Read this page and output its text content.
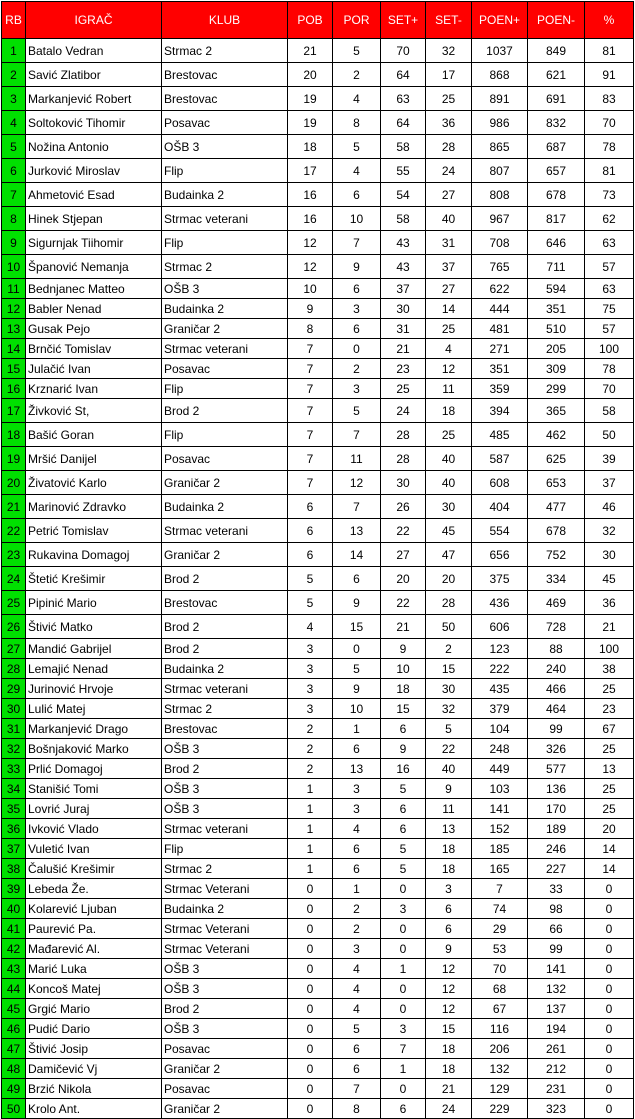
RB	IGRAČ	KLUB	POB	POR	SET+	SET-	POEN+	POEN-	%
1	Batalo Vedran	Strmac 2	21	5	70	32	1037	849	81
2	Savić Zlatibor	Brestovac	20	2	64	17	868	621	91
3	Markanjević Robert	Brestovac	19	4	63	25	891	691	83
4	Soltoković Tihomir	Posavac	19	8	64	36	986	832	70
5	Nožina Antonio	OŠB 3	18	5	58	28	865	687	78
6	Jurković Miroslav	Flip	17	4	55	24	807	657	81
7	Ahmetović Esad	Budainka 2	16	6	54	27	808	678	73
8	Hinek Stjepan	Strmac veterani	16	10	58	40	967	817	62
9	Sigurnjak Tiihomir	Flip	12	7	43	31	708	646	63
10	Španović Nemanja	Strmac 2	12	9	43	37	765	711	57
11	Bednjanec Matteo	OŠB 3	10	6	37	27	622	594	63
12	Babler Nenad	Budainka 2	9	3	30	14	444	351	75
13	Gusak Pejo	Graničar 2	8	6	31	25	481	510	57
14	Brnčić Tomislav	Strmac veterani	7	0	21	4	271	205	100
15	Julačić Ivan	Posavac	7	2	23	12	351	309	78
16	Krznarić Ivan	Flip	7	3	25	11	359	299	70
17	Živković St,	Brod 2	7	5	24	18	394	365	58
18	Bašić Goran	Flip	7	7	28	25	485	462	50
19	Mršić Danijel	Posavac	7	11	28	40	587	625	39
20	Živatović Karlo	Graničar 2	7	12	30	40	608	653	37
21	Marinović Zdravko	Budainka 2	6	7	26	30	404	477	46
22	Petrić Tomislav	Strmac veterani	6	13	22	45	554	678	32
23	Rukavina Domagoj	Graničar 2	6	14	27	47	656	752	30
24	Štetić Krešimir	Brod 2	5	6	20	20	375	334	45
25	Pipinić Mario	Brestovac	5	9	22	28	436	469	36
26	Štivić Matko	Brod 2	4	15	21	50	606	728	21
27	Mandić Gabrijel	Brod 2	3	0	9	2	123	88	100
28	Lemajić Nenad	Budainka 2	3	5	10	15	222	240	38
29	Jurinović Hrvoje	Strmac veterani	3	9	18	30	435	466	25
30	Lulić Matej	Strmac 2	3	10	15	32	379	464	23
31	Markanjević Drago	Brestovac	2	1	6	5	104	99	67
32	Bošnjaković Marko	OŠB 3	2	6	9	22	248	326	25
33	Prlić Domagoj	Brod 2	2	13	16	40	449	577	13
34	Stanišić Tomi	OŠB 3	1	3	5	9	103	136	25
35	Lovrić Juraj	OŠB 3	1	3	6	11	141	170	25
36	Ivković Vlado	Strmac veterani	1	4	6	13	152	189	20
37	Vuletić Ivan	Flip	1	6	5	18	185	246	14
38	Čalušić Krešimir	Strmac 2	1	6	5	18	165	227	14
39	Lebeda Že.	Strmac Veterani	0	1	0	3	7	33	0
40	Kolarević Ljuban	Budainka 2	0	2	3	6	74	98	0
41	Paurević Pa.	Strmac Veterani	0	2	0	6	29	66	0
42	Mađarević Al.	Strmac Veterani	0	3	0	9	53	99	0
43	Marić Luka	OŠB 3	0	4	1	12	70	141	0
44	Koncoš Matej	OŠB 3	0	4	0	12	68	132	0
45	Grgić Mario	Brod 2	0	4	0	12	67	137	0
46	Pudić Dario	OŠB 3	0	5	3	15	116	194	0
47	Štivić Josip	Posavac	0	6	7	18	206	261	0
48	Damičević Vj	Graničar 2	0	6	1	18	132	212	0
49	Brzić Nikola	Posavac	0	7	0	21	129	231	0
50	Krolo Ant.	Graničar 2	0	8	6	24	229	323	0
